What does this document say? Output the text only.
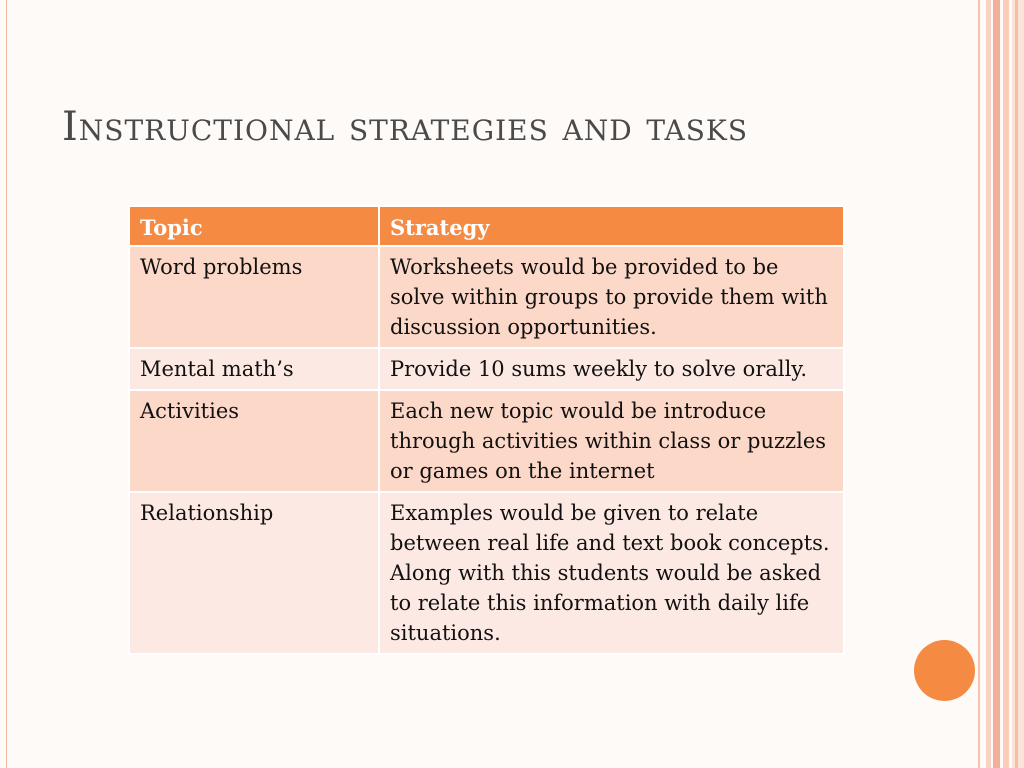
Instructional strategies and tasks
Topic	Strategy
Word problems	Worksheets would be provided to be solve within groups to provide them with discussion opportunities.
Mental math’s	Provide 10 sums weekly to solve orally.
Activities	Each new topic would be introduce through activities within class or puzzles or games on the internet
Relationship	Examples would be given to relate between real life and text book concepts. Along with this students would be asked to relate this information with daily life situations.
